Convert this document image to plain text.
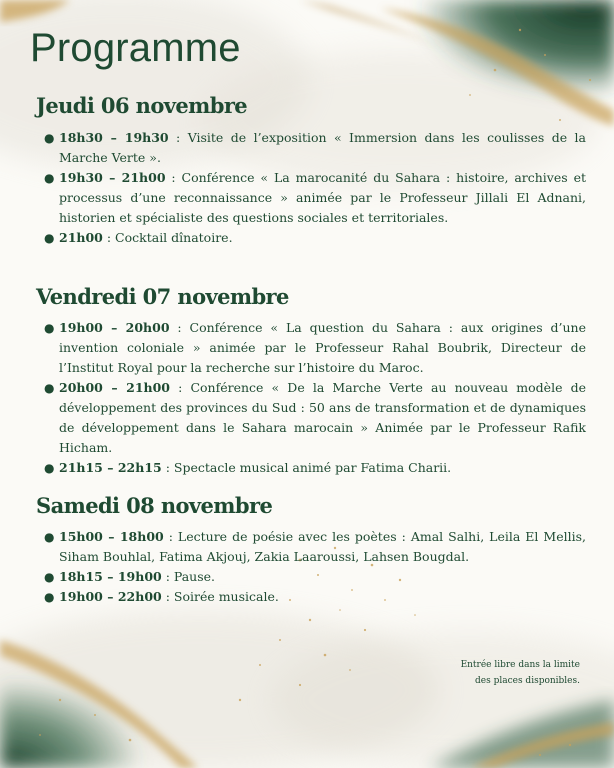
Programme
Jeudi 06 novembre
● 18h30 – 19h30 : Visite de l’exposition « Immersion dans les coulisses de la Marche Verte ».
● 19h30 – 21h00 : Conférence « La marocanité du Sahara : histoire, archives et processus d’une reconnaissance » animée par le Professeur Jillali El Adnani, historien et spécialiste des questions sociales et territoriales.
● 21h00 : Cocktail dînatoire.
Vendredi 07 novembre
● 19h00 – 20h00 : Conférence « La question du Sahara : aux origines d’une invention coloniale » animée par le Professeur Rahal Boubrik, Directeur de l’Institut Royal pour la recherche sur l’histoire du Maroc.
● 20h00 – 21h00 : Conférence « De la Marche Verte au nouveau modèle de développement des provinces du Sud : 50 ans de transformation et de dynamiques de développement dans le Sahara marocain » Animée par le Professeur Rafik Hicham.
● 21h15 – 22h15 : Spectacle musical animé par Fatima Charii.
Samedi 08 novembre
● 15h00 – 18h00 : Lecture de poésie avec les poètes : Amal Salhi, Leila El Mellis, Siham Bouhlal, Fatima Akjouj, Zakia Laaroussi, Lahsen Bougdal.
● 18h15 – 19h00 : Pause.
● 19h00 – 22h00 : Soirée musicale.

Entrée libre dans la limite
des places disponibles.
